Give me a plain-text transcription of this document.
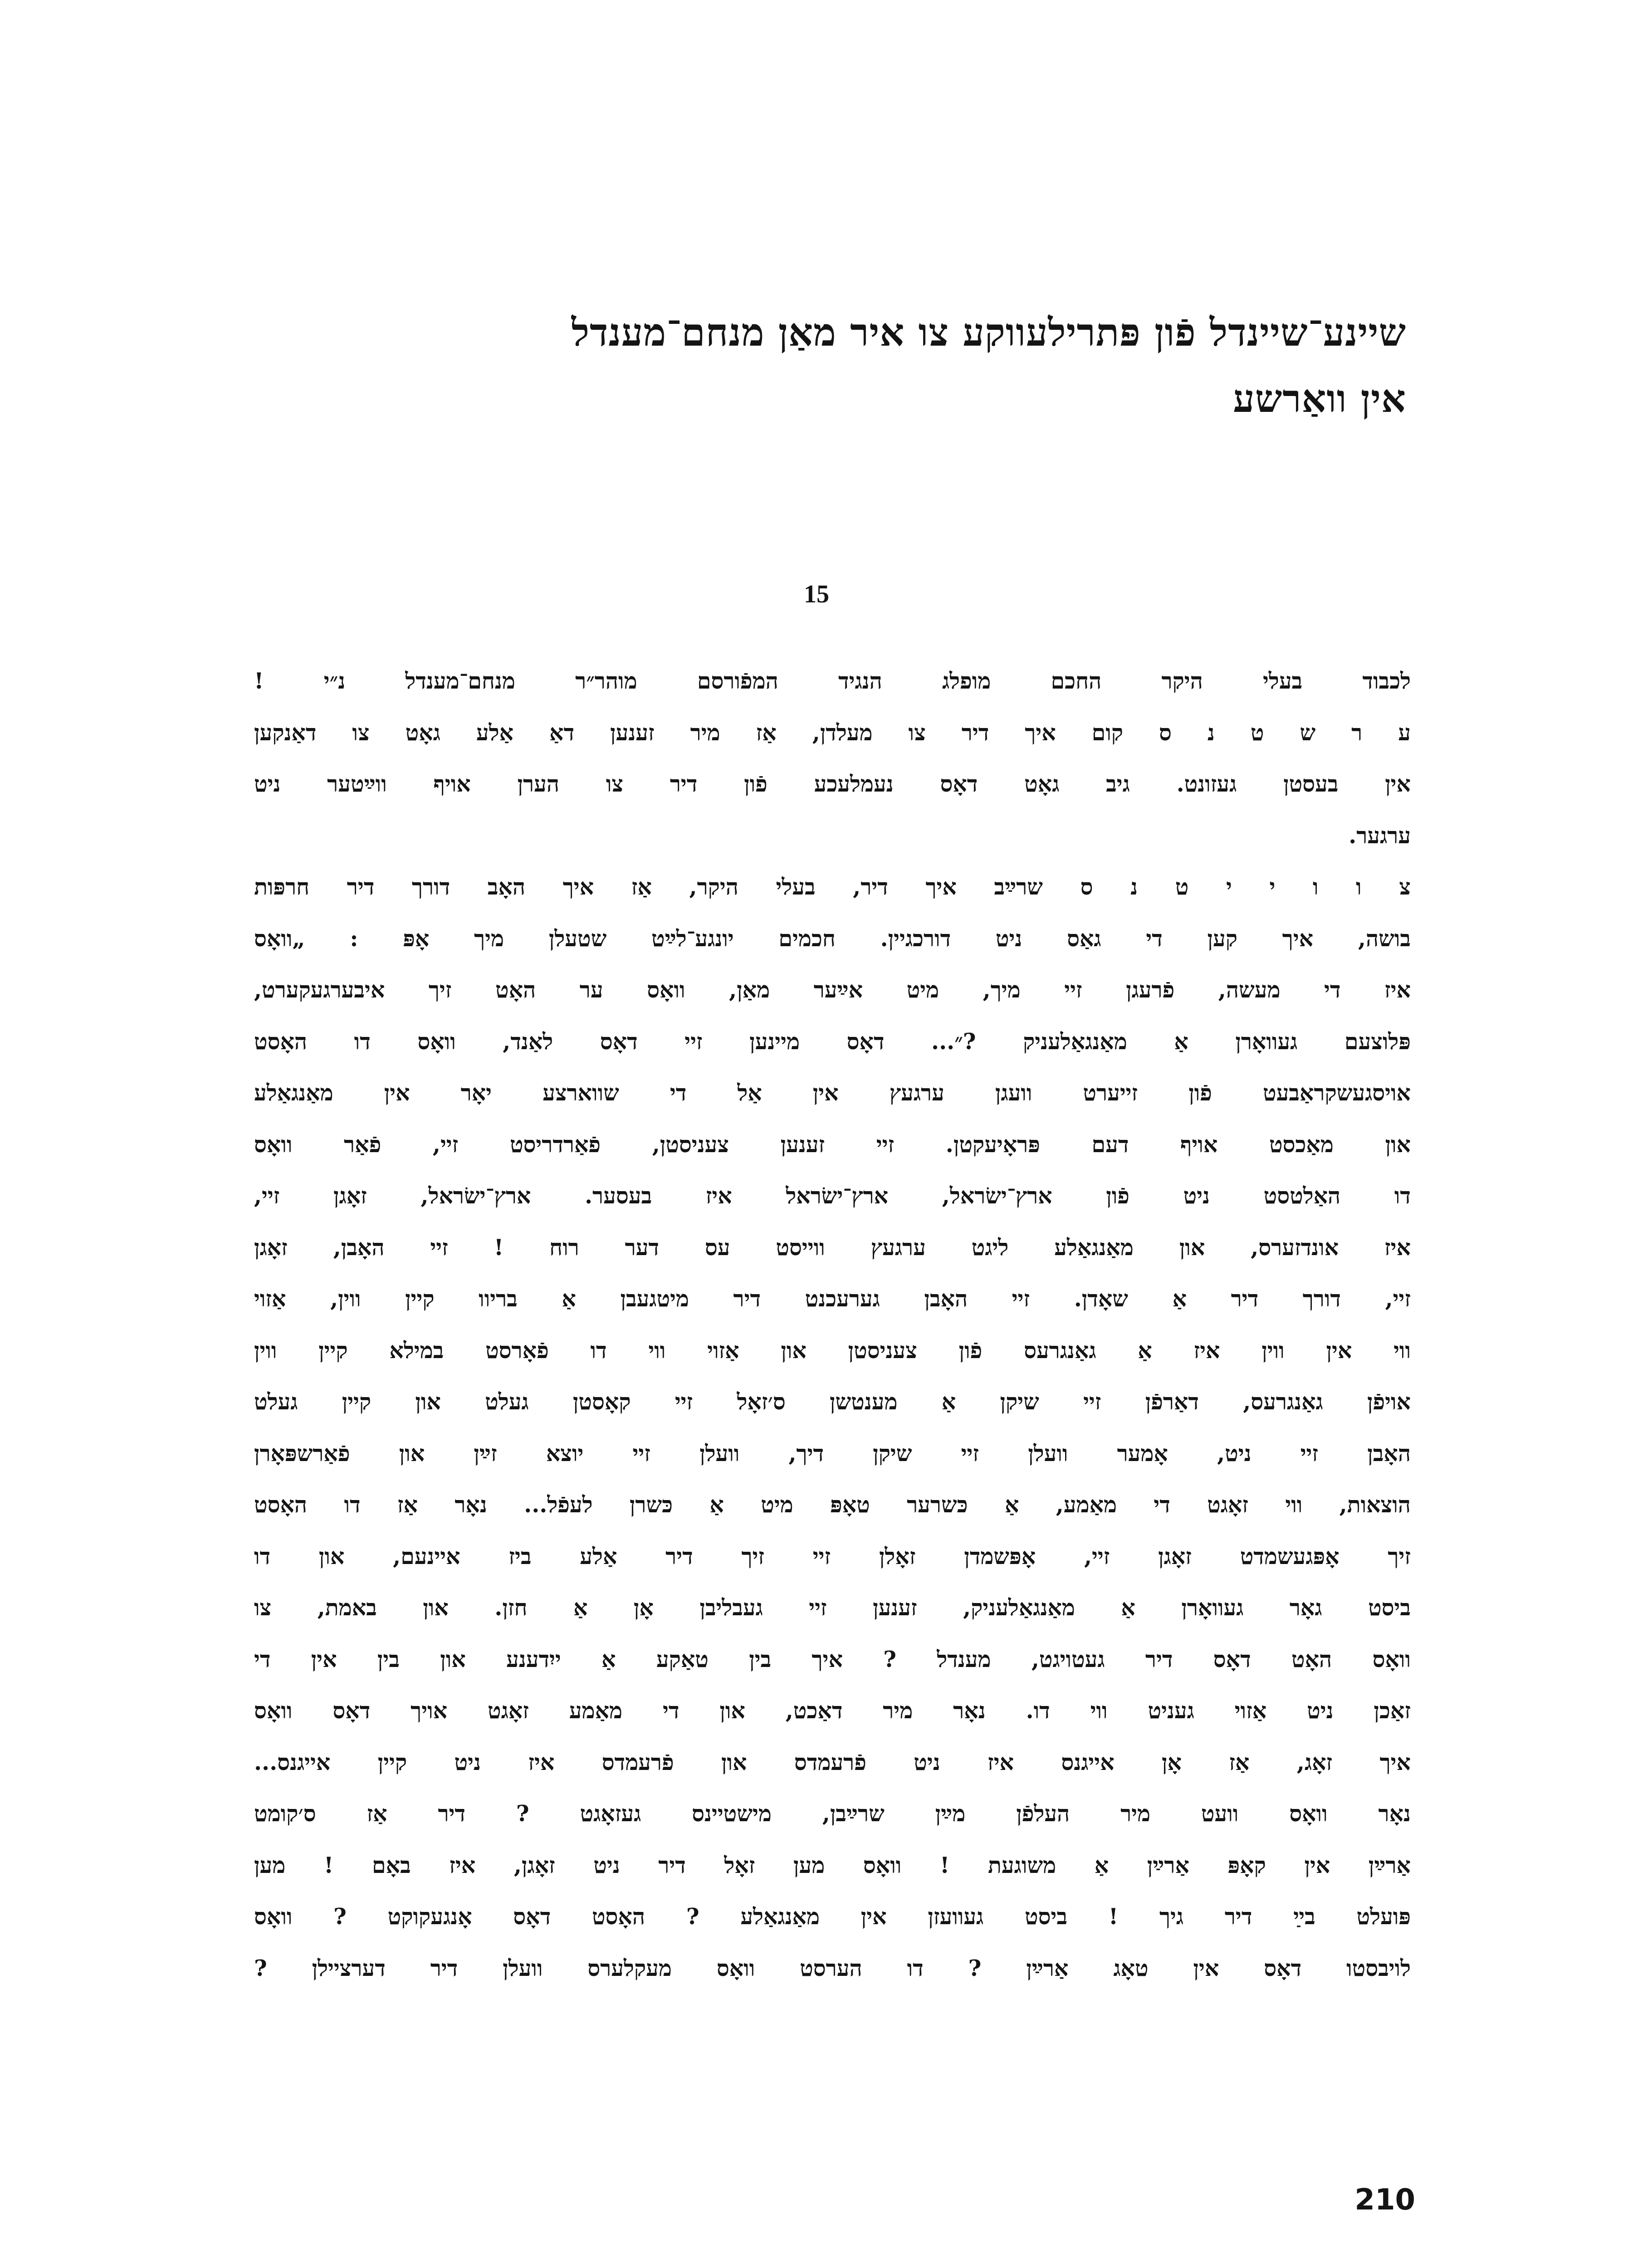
שיינע־שיינדל פֿון פּתרילעווקע צו איר מאַן מנחם־מענדל
אין וואַרשע
15
לכבוד בעלי היקר החכם מופלג הנגיד המפֿורסם מוהר״ר מנחם־מענדל נ״י !
ע ר ש ט נ ס קום איך דיר צו מעלדן, אַז מיר זענען דאַ אַלע גאָט צו דאַנקען
אין בעסטן געזונט. גיב גאָט דאָס נעמלעכע פֿון דיר צו הערן אויף ווײַטער ניט
ערגער.
צ ו ו י י ט נ ס שרײַב איך דיר, בעלי היקר, אַז איך האָב דורך דיר חרפּות
בושה, איך קען די גאַס ניט דורכגיין. חכמים יונגע־לײַט שטעלן מיך אָפּ : „וואָס
איז די מעשה, פֿרעגן זיי מיך, מיט אײַער מאַן, וואָס ער האָט זיך איבערגעקערט,
פּלוצעם געוואָרן אַ מאַנגאַלעניק ?״... דאָס מיינען זיי דאָס לאַנד, וואָס דו האָסט
אויסגעשקראַבעט פֿון זייערט וועגן ערגעץ אין אַל די שווארצע יאָר אין מאַנגאַלע
און מאַכסט אויף דעם פּראָיעקטן. זיי זענען צעניסטן, פֿאַרדריסט זיי, פֿאַר וואָס
דו האַלטסט ניט פֿון ארץ־ישׂראל, ארץ־ישׂראל איז בעסער. ארץ־ישׂראל, זאָגן זיי,
איז אונדזערס, און מאַנגאַלע ליגט ערגעץ ווייסט עס דער רוח ! זיי האָבן, זאָגן
זיי, דורך דיר אַ שאָדן. זיי האָבן גערעכנט דיר מיטגעבן אַ בריוו קיין ווין, אַזוי
ווי אין ווין איז אַ גאַנגרעס פֿון צעניסטן און אַזוי ווי דו פֿאָרסט במילא קיין ווין
אויפֿן גאַנגרעס, דאַרפֿן זיי שיקן אַ מענטשן ס׳זאָל זיי קאָסטן געלט און קיין געלט
האָבן זיי ניט, אָמער וועלן זיי שיקן דיך, וועלן זיי יוצא זײַן און פֿאַרשפּאָרן
הוצאות, ווי זאָגט די מאַמע, אַ כּשרער טאָפּ מיט אַ כּשרן לעפֿל... נאָר אַז דו האָסט
זיך אָפּגעשמדט זאָגן זיי, אָפּשמדן זאָלן זיי זיך דיר אַלע ביז איינעם, און דו
ביסט גאָר געוואָרן אַ מאַנגאַלעניק, זענען זיי געבליבן אָן אַ חזן. און באמת, צו
וואָס האָט דאָס דיר געטויגט, מענדל ? איך בין טאַקע אַ ייִדענע און בין אין די
זאַכן ניט אַזוי געניט ווי דו. נאָר מיר דאַכט, און די מאַמע זאָגט אויך דאָס וואָס
איך זאָג, אַז אָן אייגנס איז ניט פֿרעמדס און פֿרעמדס איז ניט קיין אייגנס...
נאָר וואָס וועט מיר העלפֿן מײַן שרײַבן, מישטיינס געזאָגט ? דיר אַז ס׳קומט
אַרײַן אין קאָפּ אַרײַן אַ משוגעת ! וואָס מען זאָל דיר ניט זאָגן, איז באָם ! מען
פּועלט בײַ דיר גיך ! ביסט געוועזן אין מאַנגאַלע ? האָסט דאָס אָנגעקוקט ? וואָס
לויבסטו דאָס אין טאָג אַרײַן ? דו הערסט וואָס מעקלערס וועלן דיר דערציילן ?
210
